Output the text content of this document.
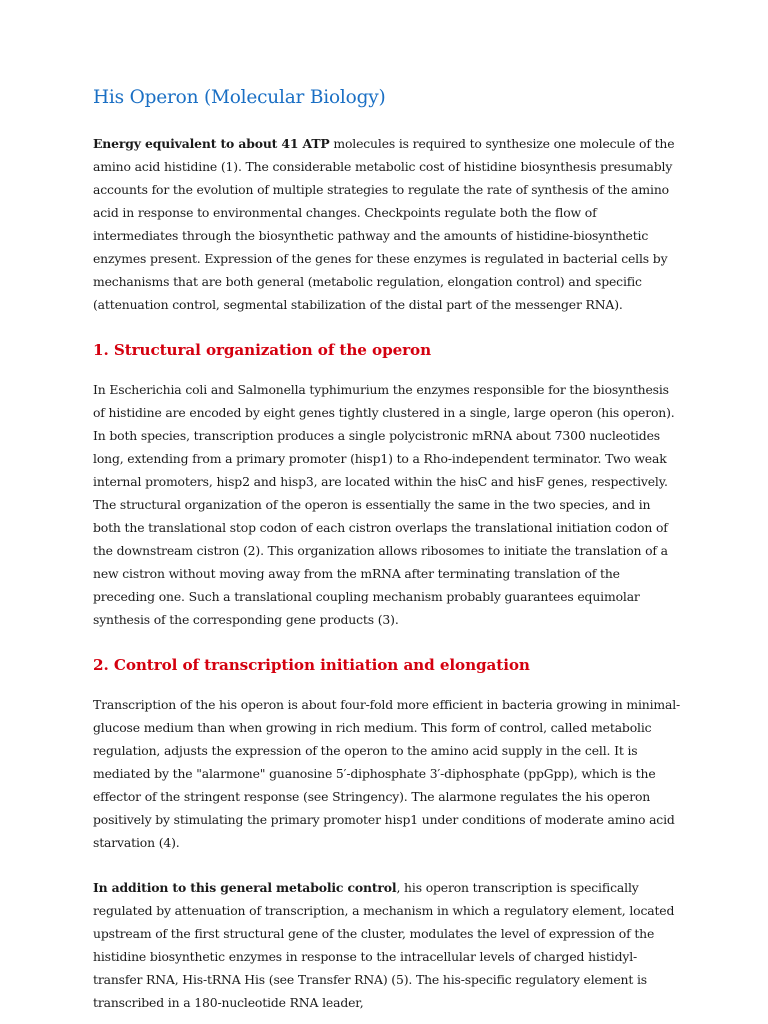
His Operon (Molecular Biology)

Energy equivalent to about 41 ATP molecules is required to synthesize one molecule of the amino acid histidine (1). The considerable metabolic cost of histidine biosynthesis presumably accounts for the evolution of multiple strategies to regulate the rate of synthesis of the amino acid in response to environmental changes. Checkpoints regulate both the flow of intermediates through the biosynthetic pathway and the amounts of histidine-biosynthetic enzymes present. Expression of the genes for these enzymes is regulated in bacterial cells by mechanisms that are both general (metabolic regulation, elongation control) and specific (attenuation control, segmental stabilization of the distal part of the messenger RNA).

1. Structural organization of the operon

In Escherichia coli and Salmonella typhimurium the enzymes responsible for the biosynthesis of histidine are encoded by eight genes tightly clustered in a single, large operon (his operon). In both species, transcription produces a single polycistronic mRNA about 7300 nucleotides long, extending from a primary promoter (hisp1) to a Rho-independent terminator. Two weak internal promoters, hisp2 and hisp3, are located within the hisC and hisF genes, respectively. The structural organization of the operon is essentially the same in the two species, and in both the translational stop codon of each cistron overlaps the translational initiation codon of the downstream cistron (2). This organization allows ribosomes to initiate the translation of a new cistron without moving away from the mRNA after terminating translation of the preceding one. Such a translational coupling mechanism probably guarantees equimolar synthesis of the corresponding gene products (3).

2. Control of transcription initiation and elongation

Transcription of the his operon is about four-fold more efficient in bacteria growing in minimal-glucose medium than when growing in rich medium. This form of control, called metabolic regulation, adjusts the expression of the operon to the amino acid supply in the cell. It is mediated by the "alarmone" guanosine 5′-diphosphate 3′-diphosphate (ppGpp), which is the effector of the stringent response (see Stringency). The alarmone regulates the his operon positively by stimulating the primary promoter hisp1 under conditions of moderate amino acid starvation (4).

In addition to this general metabolic control, his operon transcription is specifically regulated by attenuation of transcription, a mechanism in which a regulatory element, located upstream of the first structural gene of the cluster, modulates the level of expression of the histidine biosynthetic enzymes in response to the intracellular levels of charged histidyl-transfer RNA, His-tRNA His (see Transfer RNA) (5). The his-specific regulatory element is transcribed in a 180-nucleotide RNA leader,
